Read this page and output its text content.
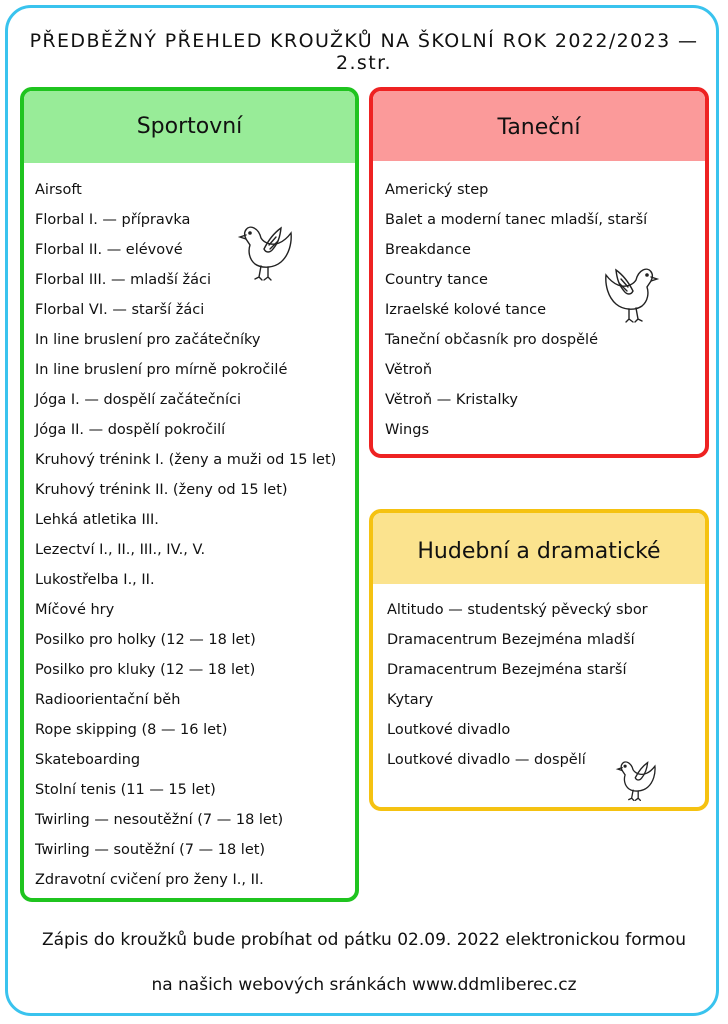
PŘEDBĚŽNÝ PŘEHLED KROUŽKŮ NA ŠKOLNÍ ROK 2022/2023 — 2.str.
Sportovní
Airsoft
Florbal I. — přípravka
Florbal II. — elévové
Florbal III. — mladší žáci
Florbal VI. — starší žáci
In line bruslení pro začátečníky
In line bruslení pro mírně pokročilé
Jóga I. — dospělí začátečníci
Jóga II. — dospělí pokročilí
Kruhový trénink I. (ženy a muži od 15 let)
Kruhový trénink II. (ženy od 15 let)
Lehká atletika III.
Lezectví I., II., III., IV., V.
Lukostřelba I., II.
Míčové hry
Posilko pro holky (12 — 18 let)
Posilko pro kluky (12 — 18 let)
Radioorientační běh
Rope skipping (8 — 16 let)
Skateboarding
Stolní tenis (11 — 15 let)
Twirling — nesoutěžní (7 — 18 let)
Twirling — soutěžní (7 — 18 let)
Zdravotní cvičení pro ženy I., II.
Taneční
Americký step
Balet a moderní tanec mladší, starší
Breakdance
Country tance
Izraelské kolové tance
Taneční občasník pro dospělé
Větroň
Větroň — Kristalky
Wings
Hudební a dramatické
Altitudo — studentský pěvecký sbor
Dramacentrum Bezejména mladší
Dramacentrum Bezejména starší
Kytary
Loutkové divadlo
Loutkové divadlo — dospělí
Zápis do kroužků bude probíhat od pátku 02.09. 2022 elektronickou formou
na našich webových sránkách www.ddmliberec.cz
